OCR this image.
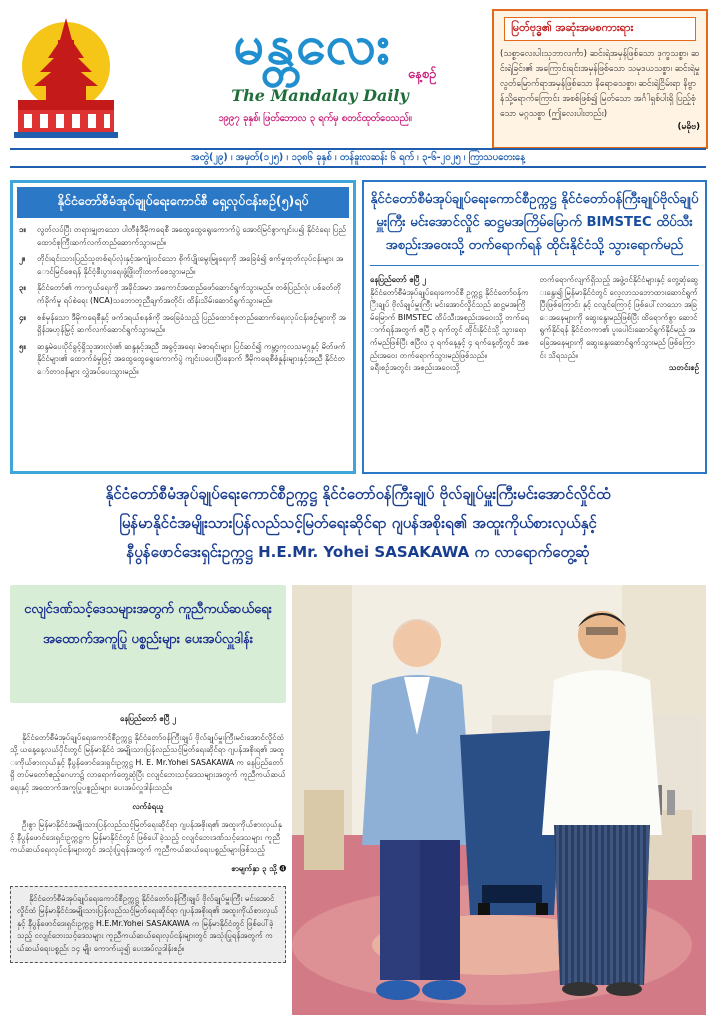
မန္တလေး	နေ့စဉ်
The Mandalay Daily
၁၉၉၇ ခုနှစ်၊ ဖြတ်ဘောလ ၃ ရက်မှ စတင်ထုတ်ဝေသည်။
မြတ်ဗုဒ္ဓ၏ အဆုံးအမစကားရား
(သစ္စာလေးပါးသုဘာလင်္ကာ) ဆင်းရဲအမှန်ဖြစ်သော ဒုက္ခသစ္စာ၊ ဆင်းရဲခြင်း၏ အကြောင်းရင်းအမှန်ဖြစ်သော သမုဒယသစ္စာ၊ ဆင်းရဲမှု လွတ်မြောက်ရာအမှန်ဖြစ်သော နိရောဓသစ္စာ၊ ဆင်းရဲငြိမ်းရာ နိဗ္ဗာန်သို့ရောက်ကြောင်း အစစ်ဖြစ်၍ မြတ်သော အင်္ဂါရှစ်ပါးရှိ ပြည့်စုံသော မဂ္ဂသစ္စာ (ဤလေးပါးတည်း)
(မဓိုဗ)
အတွဲ(၂၉) ၊ အမှတ်(၁၂၅) ၊ ၁၃၈၆ ခုနှစ် ၊ တန်ခူးလဆန်း ၆ ရက် ၊ ၃-၆-၂၀၂၅ ၊ ကြာသပတေးနေ့
နိုင်ငံတော်စီမံအုပ်ချုပ်ရေးကောင်စီ ရှေ့လုပ်ငန်းစဉ်(၅)ရပ်
၁။	လွတ်လပ်ပြီး တရားမျှတသော ပါတီစုံဒီမိုကရေစီ အထွေထွေရွေးကောက်ပွဲ အောင်မြင်စွာကျင်းပ၍ နိုင်ငံရေး ပြည်ထောင်စုကြီးဆက်လက်တည်ဆောက်သွားမည်။
၂။	တိုင်းရင်းသားပြည်သူတစ်ရပ်လုံးနှင့်အကျုံးဝင်သော စိုက်ပျိုးမွေးမြူရေးကို အခြေခံ၍ စက်မှုထုတ်လုပ်ငန်းများ အောင်မြင်စေရန် နိုင်ငံ့စီးပွားရေးဖွံ့ဖြိုးတိုးတက်စေသွားမည်။
၃။	နိုင်ငံတော်၏ ကာကွယ်ရေးကို အခိုင်အမာ အကောင်အထည်ဖော်ဆောင်ရွက်သွားမည်။ တစ်ပြည်လုံး ပစ်ခတ်တိုက်ခိုက်မှု ရပ်စဲရေး (NCA)သဘောတူညီချက်အတိုင်း ထိန်းသိမ်းဆောင်ရွက်သွားမည်။
၄။	စစ်မှန်သော ဒီမိုကရေစီနှင့် ဖက်ဒရယ်စနစ်ကို အခြေခံသည့် ပြည်ထောင်စုတည်ဆောက်ရေးလုပ်ငန်းစဉ်များကို အရှိန်အဟုန်မြှင့် ဆက်လက်ဆောင်ရွက်သွားမည်။
၅။	ဆန္ဒမဲပေးပိုင်ခွင့်ရှိသူအားလုံး၏ ဆန္ဒနှင့်အညီ အခွင့်အရေး မဲစာရင်းများ ပြင်ဆင်၍ ကမ္ဘာ့ကုလသမဂ္ဂနှင့် မိတ်ဖက်နိုင်ငံများ၏ ထောက်ခံမှုဖြင့် အထွေထွေရွေးကောက်ပွဲ ကျင်းပပေးပြီးနောက် ဒီမိုကရေစီစံနှုန်းများနှင့်အညီ နိုင်ငံတော်တာဝန်များ လွှဲအပ်ပေးသွားမည်။
နိုင်ငံတော်စီမံအုပ်ချုပ်ရေးကောင်စီဥက္ကဋ္ဌ နိုင်ငံတော်ဝန်ကြီးချုပ်ဗိုလ်ချုပ်မှူးကြီး မင်းအောင်လှိုင် ဆဋ္ဌမအကြိမ်မြောက် BIMSTEC ထိပ်သီးအစည်းအဝေးသို့ တက်ရောက်ရန် ထိုင်းနိုင်ငံသို့ သွားရောက်မည်

နေပြည်တော် ဧပြီ ၂

နိုင်ငံတော်စီမံအုပ်ချုပ်ရေးကောင်စီ ဥက္ကဋ္ဌ နိုင်ငံတော်ဝန်ကြီးချုပ် ဗိုလ်ချုပ်မှူးကြီး မင်းအောင်လှိုင်သည် ဆဋ္ဌမအကြိမ်မြောက် BIMSTEC ထိပ်သီးအစည်းအဝေးသို့ တက်ရောက်ရန်အတွက် ဧပြီ ၃ ရက်တွင် ထိုင်းနိုင်ငံသို့ သွားရောက်မည်ဖြစ်ပြီး ဧပြီလ ၃ ရက်နေ့နှင့် ၄ ရက်နေ့တို့တွင် အစည်းအဝေး တက်ရောက်သွားမည်ဖြစ်သည်။

ခရီးစဉ်အတွင်း အစည်းအဝေးသို့

တက်ရောက်လျက်ရှိသည့် အဖွဲ့ဝင်နိုင်ငံများနှင့် တွေ့ဆုံဆွေးနွေး၍ မြန်မာနိုင်ငံတွင် လေ့လာသဘောထားဆောင်ရွက်ပြီးဖြစ်ကြောင်း နှင့် ငလျင်ကြောင့် ဖြစ်ပေါ်လာသော အခြေအနေများကို ဆွေးနွေးမည်ဖြစ်ပြီး ထိရောက်စွာ ဆောင်ရွက်နိုင်ရန် နိုင်ငံတကာ၏ ပူးပေါင်းဆောင်ရွက်နိုင်မည့် အခြေအနေများကို ဆွေးနွေးဆောင်ရွက်သွားမည် ဖြစ်ကြောင်း သိရသည်။

သတင်းစဉ်

နိုင်ငံတော်စီမံအုပ်ချုပ်ရေးကောင်စီဥက္ကဋ္ဌ နိုင်ငံတော်ဝန်ကြီးချုပ် ဗိုလ်ချုပ်မှူးကြီးမင်းအောင်လှိုင်ထံ
မြန်မာနိုင်ငံအမျိုးသားပြန်လည်သင့်မြတ်ရေးဆိုင်ရာ ဂျပန်အစိုးရ၏ အထူးကိုယ်စားလှယ်နှင့်
နီပွန်ဖောင်ဒေးရှင်းဥက္ကဋ္ဌ H.E.Mr. Yohei SASAKAWA က လာရောက်တွေ့ဆုံ
ငလျင်ဒဏ်သင့်ဒေသများအတွက် ကူညီကယ်ဆယ်ရေးအထောက်အကူပြု ပစ္စည်းများ ပေးအပ်လှူဒါန်း

နေပြည်တော် ဧပြီ ၂

နိုင်ငံတော်စီမံအုပ်ချုပ်ရေးကောင်စီဥက္ကဋ္ဌ နိုင်ငံတော်ဝန်ကြီးချုပ် ဗိုလ်ချုပ်မှူးကြီးမင်းအောင်လှိုင်ထံသို့ ယနေ့နေ့လယ်ပိုင်းတွင် မြန်မာနိုင်ငံ အမျိုးသားပြန်လည်သင့်မြတ်ရေးဆိုင်ရာ ဂျပန်အစိုးရ၏ အထူးကိုယ်စားလှယ်နှင့် နီပွန်ဖောင်ဒေးရှင်းဥက္ကဋ္ဌ H. E. Mr.Yohei SASAKAWA က နေပြည်တော်ရှိ တပ်မတော်ဧည့်ဂေဟာ၌ လာရောက်တွေ့ဆုံပြီး ငလျင်ဘေးသင့်ဒေသများအတွက် ကူညီကယ်ဆယ်ရေးနှင့် အထောက်အကူပြုပစ္စည်းများ ပေးအပ်လှူဒါန်းသည်။

လက်ခံရယူ

ဦးစွာ မြန်မာနိုင်ငံအမျိုးသားပြန်လည်သင့်မြတ်ရေးဆိုင်ရာ ဂျပန်အစိုးရ၏ အထူးကိုယ်စားလှယ်နှင့် နီပွန်ဖောင်ဒေးရှင်းဥက္ကဋ္ဌက မြန်မာနိုင်ငံတွင် ဖြစ်ပေါ်ခဲ့သည့် ငလျင်ဘေးဒဏ်သင့်ဒေသများ ကူညီကယ်ဆယ်ရေးလုပ်ငန်းများတွင် အသုံးပြုရန်အတွက် ကူညီကယ်ဆယ်ရေးပစ္စည်းများဖြစ်သည့်

စာမျက်နှာ ၃ သို့ ➍

နိုင်ငံတော်စီမံအုပ်ချုပ်ရေးကောင်စီဥက္ကဋ္ဌ နိုင်ငံတော်ဝန်ကြီးချုပ် ဗိုလ်ချုပ်မှူးကြီး မင်းအောင်လှိုင်ထံ မြန်မာနိုင်ငံအမျိုးသားပြန်လည်သင့်မြတ်ရေးဆိုင်ရာ ဂျပန်အစိုးရ၏ အထူးကိုယ်စားလှယ်နှင့် နီပွန်ဖောင်ဒေးရှင်းဥက္ကဋ္ဌ H.E.Mr.Yohei SASAKAWA က မြန်မာနိုင်ငံတွင် ဖြစ်ပေါ်ခဲ့သည့် ငလျင်ဘေးသင့်ဒေသများ ကူညီကယ်ဆယ်ရေးလုပ်ငန်းများတွင် အသုံးပြုရန်အတွက် ကယ်ဆယ်ရေးပစ္စည်း ၁၄ မျိုး ကောက်ယူ၍ ပေးအပ်လှူဒါန်းစဉ်။
